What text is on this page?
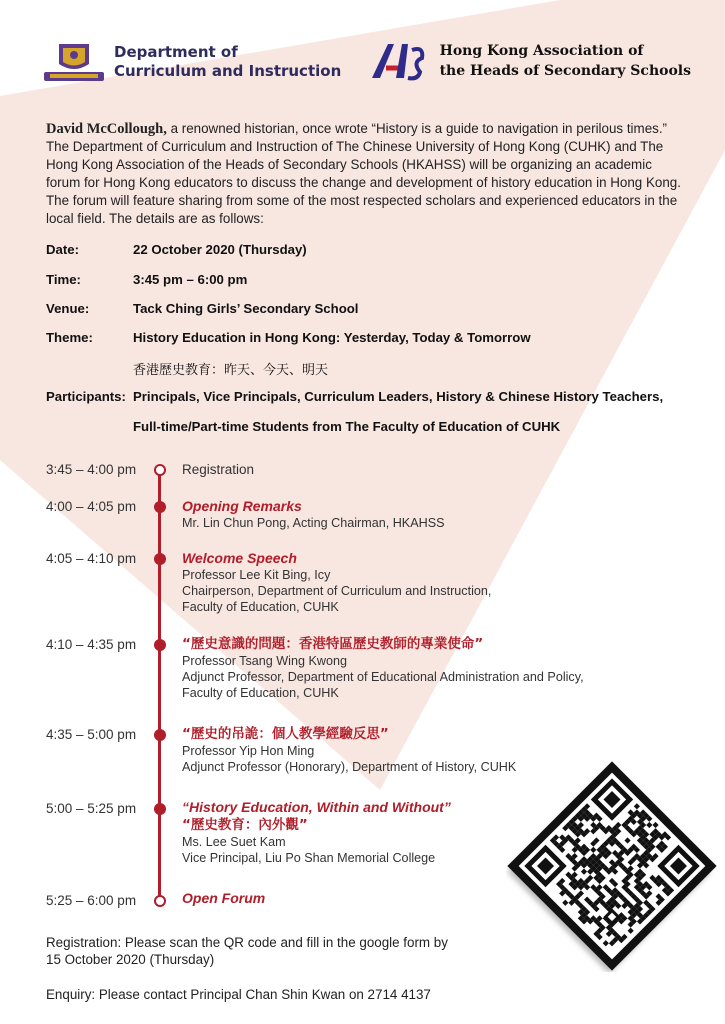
Department of
Curriculum and Instruction
Hong Kong Association of
the Heads of Secondary Schools

David McCollough, a renowned historian, once wrote “History is a guide to navigation in perilous times.” The Department of Curriculum and Instruction of The Chinese University of Hong Kong (CUHK) and The Hong Kong Association of the Heads of Secondary Schools (HKAHSS) will be organizing an academic forum for Hong Kong educators to discuss the change and development of history education in Hong Kong. The forum will feature sharing from some of the most respected scholars and experienced educators in the local field. The details are as follows:

Date:	22 October 2020 (Thursday)
Time:	3:45 pm – 6:00 pm
Venue:	Tack Ching Girls’ Secondary School
Theme:	History Education in Hong Kong: Yesterday, Today & Tomorrow
香港歷史教育：昨天、今天、明天
Participants: Principals, Vice Principals, Curriculum Leaders, History & Chinese History Teachers,
Full-time/Part-time Students from The Faculty of Education of CUHK
3:45 – 4:00 pm	Registration
4:00 – 4:05 pm	Opening Remarks
Mr. Lin Chun Pong, Acting Chairman, HKAHSS
4:05 – 4:10 pm	Welcome Speech
Professor Lee Kit Bing, Icy
Chairperson, Department of Curriculum and Instruction,
Faculty of Education, CUHK
4:10 – 4:35 pm	“歷史意識的問題：香港特區歷史教師的專業使命”
Professor Tsang Wing Kwong
Adjunct Professor, Department of Educational Administration and Policy,
Faculty of Education, CUHK
4:35 – 5:00 pm	“歷史的吊詭：個人教學經驗反思”
Professor Yip Hon Ming
Adjunct Professor (Honorary), Department of History, CUHK
5:00 – 5:25 pm	“History Education, Within and Without”
“歷史教育：內外觀”
Ms. Lee Suet Kam
Vice Principal, Liu Po Shan Memorial College
5:25 – 6:00 pm	Open Forum
Registration: Please scan the QR code and fill in the google form by
15 October 2020 (Thursday)
Enquiry: Please contact Principal Chan Shin Kwan on 2714 4137
